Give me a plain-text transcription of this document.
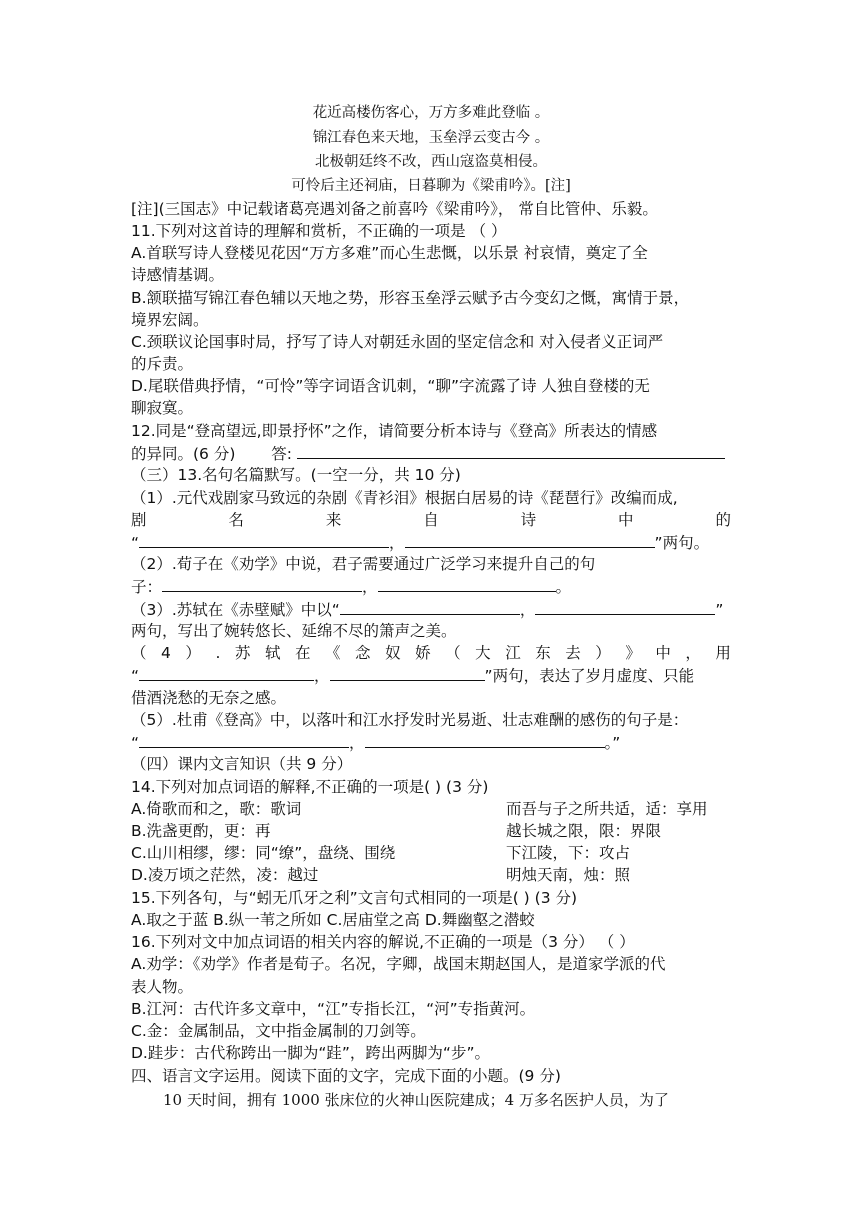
花近高楼伤客心，万方多难此登临 。
锦江春色来天地，玉垒浮云变古今 。
北极朝廷终不改，西山寇盗莫相侵。
可怜后主还祠庙，日暮聊为《梁甫吟》。[注]
[注](三国志》中记载诸葛亮遇刘备之前喜吟《梁甫吟》， 常自比管仲、乐毅。
11.下列对这首诗的理解和赏析，不正确的一项是 （ ）
A.首联写诗人登楼见花因“万方多难”而心生悲慨，以乐景 衬哀情，奠定了全
诗感情基调。
B.颔联描写锦江春色辅以天地之势，形容玉垒浮云赋予古今变幻之慨，寓情于景，
境界宏阔。
C.颈联议论国事时局，抒写了诗人对朝廷永固的坚定信念和 对入侵者义正词严
的斥责。
D.尾联借典抒情，“可怜”等字词语含讥刺，“聊”字流露了诗 人独自登楼的无
聊寂寞。
12.同是“登高望远,即景抒怀”之作，请简要分析本诗与《登高》所表达的情感
的异同。(6 分) 答:
（三）13.名句名篇默写。(一空一分，共 10 分)
（1）.元代戏剧家马致远的杂剧《青衫泪》根据白居易的诗《琵琶行》改编而成,
剧	名	来	自	诗	中	的
“	，	”两句。
（2）.荀子在《劝学》中说，君子需要通过广泛学习来提升自己的句
子：	，	。
（3）.苏轼在《赤壁赋》中以“	，	”
两句，写出了婉转悠长、延绵不尽的箫声之美。
（ 4 ） . 苏 轼 在 《 念 奴 娇 （ 大 江 东 去 ） 》 中 ， 用
“	，	”两句，表达了岁月虚度、只能
借酒浇愁的无奈之感。
（5）.杜甫《登高》中，以落叶和江水抒发时光易逝、壮志难酬的感伤的句子是：
“	，	。”
（四）课内文言知识（共 9 分）
14.下列对加点词语的解释,不正确的一项是( ) (3 分)
A.倚歌而和之，歌：歌词	而吾与子之所共适，适：享用
B.洗盏更酌，更：再	越长城之限，限：界限
C.山川相缪，缪：同“缭”，盘绕、围绕	下江陵，下：攻占
D.凌万顷之茫然，凌：越过	明烛天南，烛：照
15.下列各句，与“蚓无爪牙之利”文言句式相同的一项是( ) (3 分)
A.取之于蓝 B.纵一苇之所如 C.居庙堂之高 D.舞幽壑之潜蛟
16.下列对文中加点词语的相关内容的解说,不正确的一项是（3 分） （ ）
A.劝学：《劝学》作者是荀子。名况，字卿，战国末期赵国人，是道家学派的代
表人物。
B.江河：古代许多文章中，“江”专指长江，“河”专指黄河。
C.金：金属制品，文中指金属制的刀剑等。
D.跬步：古代称跨出一脚为“跬”，跨出两脚为“步”。
四、语言文字运用。阅读下面的文字，完成下面的小题。(9 分)
10 天时间，拥有 1000 张床位的火神山医院建成；4 万多名医护人员，为了
